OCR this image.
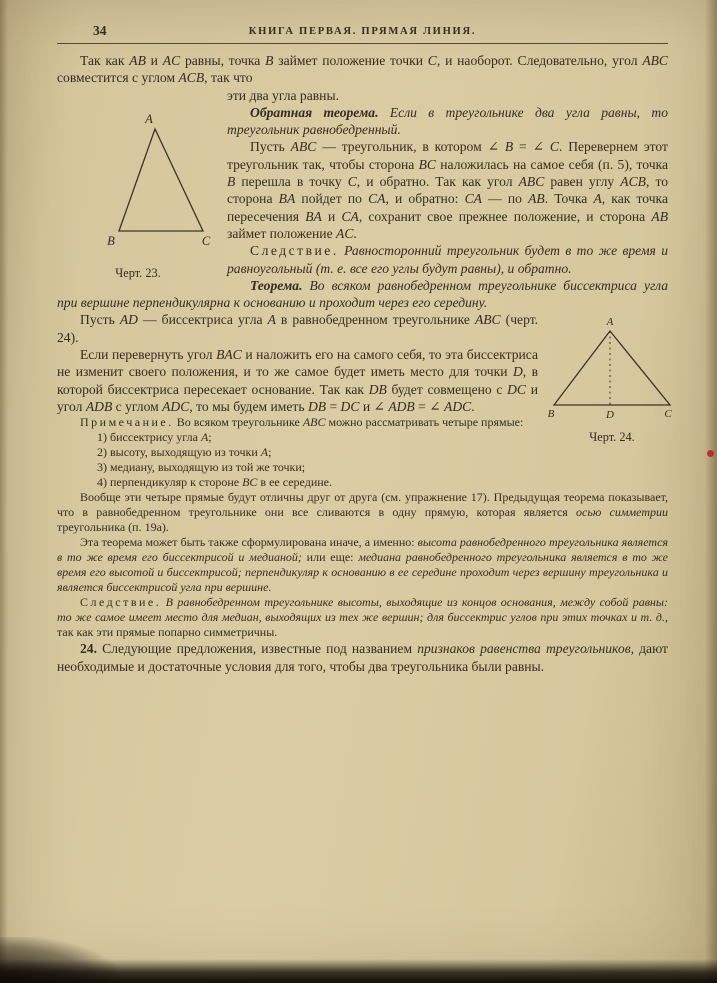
34	КНИГА ПЕРВАЯ. ПРЯМАЯ ЛИНИЯ.

Так как AB и AC равны, точка B займет положение точки C, и наоборот. Следовательно, угол ABC совместится с углом ACB, так что

A
B	C
Черт. 23.

эти два угла равны.

Обратная теорема. Если в треугольнике два угла равны, то треугольник равнобедренный.

Пусть ABC — треугольник, в котором ∠ B = ∠ C. Перевернем этот треугольник так, чтобы сторона BC наложилась на самое себя (п. 5), точка B перешла в точку C, и обратно. Так как угол ABC равен углу ACB, то сторона BA пойдет по CA, и обратно: CA — по AB. Точка A, как точка пересечения BA и CA, сохранит свое прежнее положение, и сторона AB займет положение AC.

Следствие. Равносторонний треугольник будет в то же время и равноугольный (т. е. все его углы будут равны), и обратно.

Теорема. Во всяком равнобедренном треугольнике биссектриса угла при вершине перпендикулярна к основанию и проходит через его середину.

A
B	D	C
Черт. 24.

Пусть AD — биссектриса угла A в равнобедренном треугольнике ABC (черт. 24).

Если перевернуть угол BAC и наложить его на самого себя, то эта биссектриса не изменит своего положения, и то же самое будет иметь место для точки D, в которой биссектриса пересекает основание. Так как DB будет совмещено с DC и угол ADB с углом ADC, то мы будем иметь DB = DC и ∠ ADB = ∠ ADC.

Примечание. Во всяком треугольнике ABC можно рассматривать четыре прямые:

1) биссектрису угла A;

2) высоту, выходящую из точки A;

3) медиану, выходящую из той же точки;

4) перпендикуляр к стороне BC в ее середине.

Вообще эти четыре прямые будут отличны друг от друга (см. упражнение 17). Предыдущая теорема показывает, что в равнобедренном треугольнике они все сливаются в одну прямую, которая является осью симметрии треугольника (п. 19а).

Эта теорема может быть также сформулирована иначе, а именно: высота равнобедренного треугольника является в то же время его биссектрисой и медианой; или еще: медиана равнобедренного треугольника является в то же время его высотой и биссектрисой; перпендикуляр к основанию в ее середине проходит через вершину треугольника и является биссектрисой угла при вершине.

Следствие. В равнобедренном треугольнике высоты, выходящие из концов основания, между собой равны: то же самое имеет место для медиан, выходящих из тех же вершин; для биссектрис углов при этих точках и т. д., так как эти прямые попарно симметричны.

24. Следующие предложения, известные под названием признаков равенства треугольников, дают необходимые и достаточные условия для того, чтобы два треугольника были равны.
